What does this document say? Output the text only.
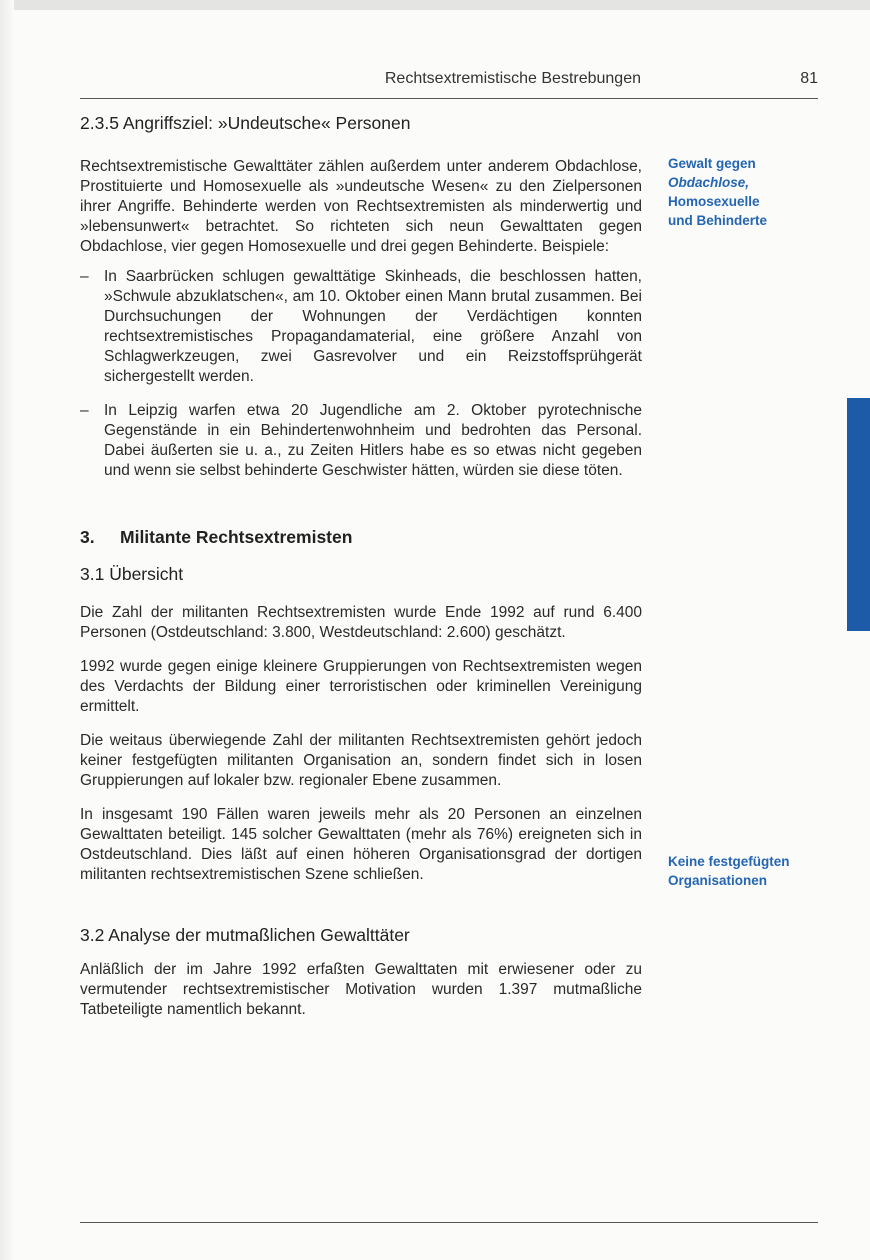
Rechtsextremistische Bestrebungen	81
2.3.5 Angriffsziel: »Undeutsche« Personen

Rechtsextremistische Gewalttäter zählen außerdem unter anderem Obdachlose, Prostituierte und Homosexuelle als »undeutsche Wesen« zu den Zielpersonen ihrer Angriffe. Behinderte werden von Rechtsextremisten als minderwertig und »lebensunwert« betrachtet. So richteten sich neun Gewalttaten gegen Obdachlose, vier gegen Homosexuelle und drei gegen Behinderte. Beispiele:

– In Saarbrücken schlugen gewalttätige Skinheads, die beschlossen hatten, »Schwule abzuklatschen«, am 10. Oktober einen Mann brutal zusammen. Bei Durchsuchungen der Wohnungen der Verdächtigen konnten rechtsextremistisches Propagandamaterial, eine größere Anzahl von Schlagwerkzeugen, zwei Gasrevolver und ein Reizstoffsprühgerät sichergestellt werden.
– In Leipzig warfen etwa 20 Jugendliche am 2. Oktober pyrotechnische Gegenstände in ein Behindertenwohnheim und bedrohten das Personal. Dabei äußerten sie u. a., zu Zeiten Hitlers habe es so etwas nicht gegeben und wenn sie selbst behinderte Geschwister hätten, würden sie diese töten.
3.	Militante Rechtsextremisten
3.1 Übersicht

Die Zahl der militanten Rechtsextremisten wurde Ende 1992 auf rund 6.400 Personen (Ostdeutschland: 3.800, Westdeutschland: 2.600) geschätzt.

1992 wurde gegen einige kleinere Gruppierungen von Rechtsextremisten wegen des Verdachts der Bildung einer terroristischen oder kriminellen Vereinigung ermittelt.

Die weitaus überwiegende Zahl der militanten Rechtsextremisten gehört jedoch keiner festgefügten militanten Organisation an, sondern findet sich in losen Gruppierungen auf lokaler bzw. regionaler Ebene zusammen.

In insgesamt 190 Fällen waren jeweils mehr als 20 Personen an einzelnen Gewalttaten beteiligt. 145 solcher Gewalttaten (mehr als 76%) ereigneten sich in Ostdeutschland. Dies läßt auf einen höheren Organisationsgrad der dortigen militanten rechtsextremistischen Szene schließen.

3.2 Analyse der mutmaßlichen Gewalttäter

Anläßlich der im Jahre 1992 erfaßten Gewalttaten mit erwiesener oder zu vermutender rechtsextremistischer Motivation wurden 1.397 mutmaßliche Tatbeteiligte namentlich bekannt.

Gewalt gegen
Obdachlose,
Homosexuelle
und Behinderte
Keine festgefügten
Organisationen
